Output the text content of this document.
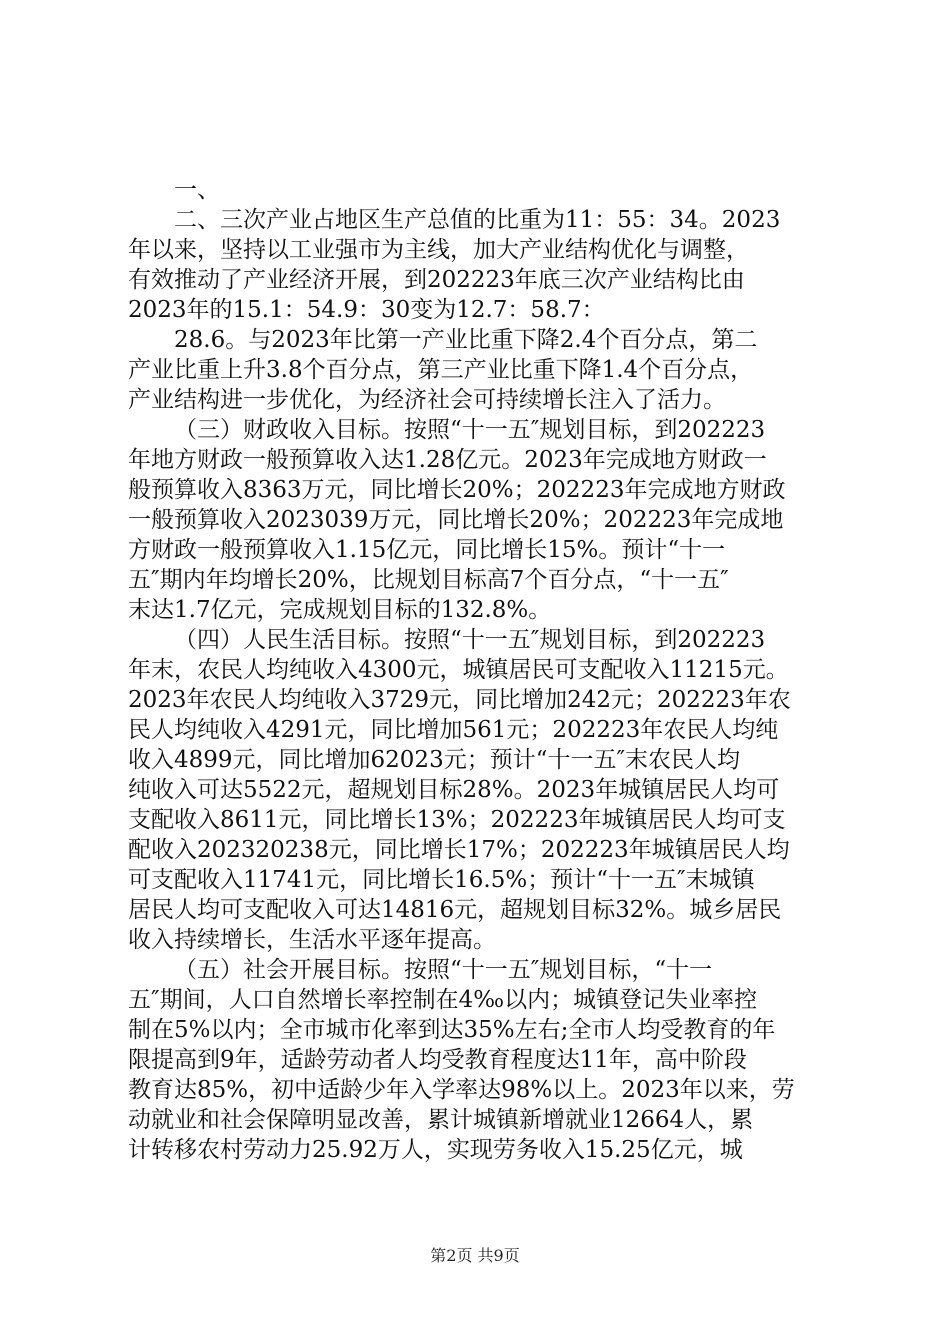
一、

二、三次产业占地区生产总值的比重为11：55：34。2023
年以来，坚持以工业强市为主线，加大产业结构优化与调整，
有效推动了产业经济开展，到202223年底三次产业结构比由
2023年的15.1：54.9：30变为12.7：58.7：

28.6。与2023年比第一产业比重下降2.4个百分点，第二
产业比重上升3.8个百分点，第三产业比重下降1.4个百分点，
产业结构进一步优化，为经济社会可持续增长注入了活力。

（三）财政收入目标。按照“十一五″规划目标，到202223
年地方财政一般预算收入达1.28亿元。2023年完成地方财政一
般预算收入8363万元，同比增长20%；202223年完成地方财政
一般预算收入2023039万元，同比增长20%；202223年完成地
方财政一般预算收入1.15亿元，同比增长15%。预计“十一
五″期内年均增长20%，比规划目标高7个百分点，“十一五″
末达1.7亿元，完成规划目标的132.8%。

（四）人民生活目标。按照“十一五″规划目标，到202223
年末，农民人均纯收入4300元，城镇居民可支配收入11215元。
2023年农民人均纯收入3729元，同比增加242元；202223年农
民人均纯收入4291元，同比增加561元；202223年农民人均纯
收入4899元，同比增加62023元；预计“十一五″末农民人均
纯收入可达5522元，超规划目标28%。2023年城镇居民人均可
支配收入8611元，同比增长13%；202223年城镇居民人均可支
配收入202320238元，同比增长17%；202223年城镇居民人均
可支配收入11741元，同比增长16.5%；预计“十一五″末城镇
居民人均可支配收入可达14816元，超规划目标32%。城乡居民
收入持续增长，生活水平逐年提高。

（五）社会开展目标。按照“十一五″规划目标，“十一
五″期间，人口自然增长率控制在4‰以内；城镇登记失业率控
制在5%以内；全市城市化率到达35%左右;全市人均受教育的年
限提高到9年，适龄劳动者人均受教育程度达11年，高中阶段
教育达85%，初中适龄少年入学率达98%以上。2023年以来，劳
动就业和社会保障明显改善，累计城镇新增就业12664人，累
计转移农村劳动力25.92万人，实现劳务收入15.25亿元，城

第2页 共9页
